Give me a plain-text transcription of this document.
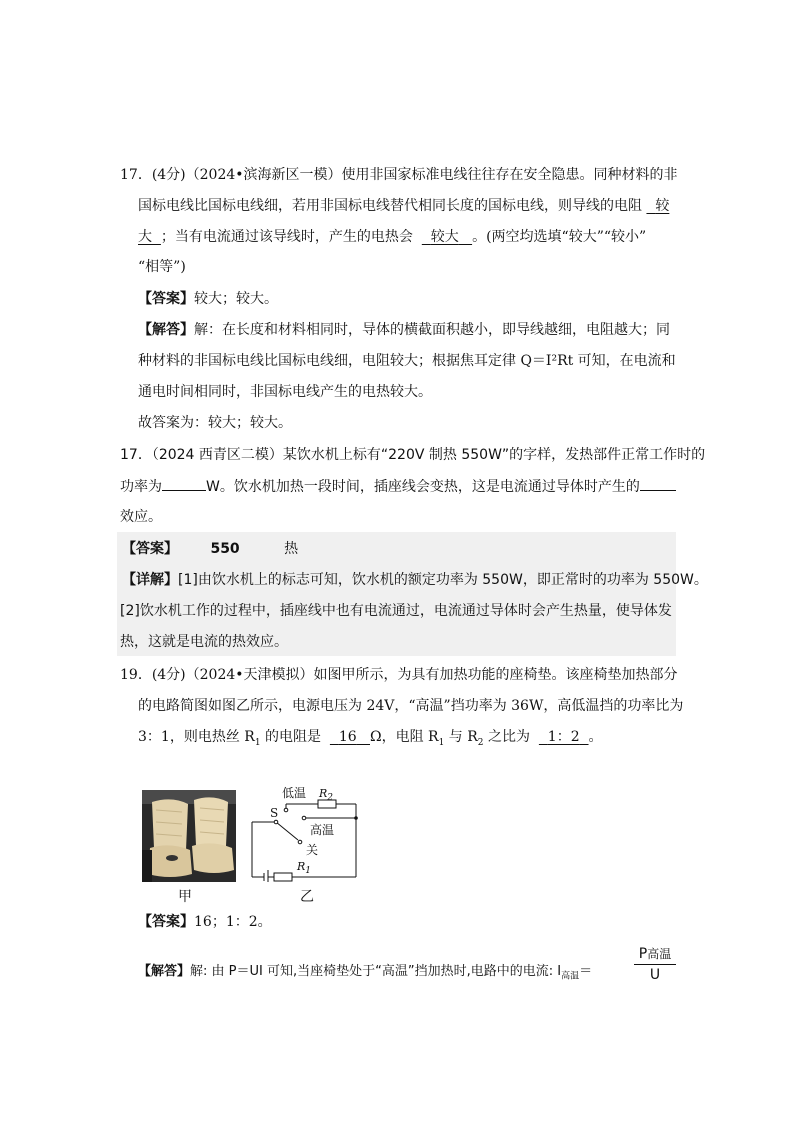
17．(4分)（2024•滨海新区一模）使用非国家标准电线往往存在安全隐患。同种材料的非
国标电线比国标电线细，若用非国标电线替代相同长度的国标电线，则导线的电阻 较
大 ；当有电流通过该导线时，产生的电热会 较大 。(两空均选填“较大”“较小”
“相等”)
【答案】较大；较大。
【解答】解：在长度和材料相同时，导体的横截面积越小，即导线越细，电阻越大；同
种材料的非国标电线比国标电线细，电阻较大；根据焦耳定律 Q＝I²Rt 可知，在电流和
通电时间相同时，非国标电线产生的电热较大。
故答案为：较大；较大。
17．（2024 西青区二模）某饮水机上标有“220V 制热 550W”的字样，发热部件正常工作时的
功率为	W。饮水机加热一段时间，插座线会变热，这是电流通过导体时产生的
效应。
【答案】 550	热
【详解】[1]由饮水机上的标志可知，饮水机的额定功率为 550W，即正常时的功率为 550W。
[2]饮水机工作的过程中，插座线中也有电流通过，电流通过导体时会产生热量，使导体发
热，这就是电流的热效应。
19．(4分)（2024•天津模拟）如图甲所示，为具有加热功能的座椅垫。该座椅垫加热部分
的电路简图如图乙所示，电源电压为 24V，“高温”挡功率为 36W，高低温挡的功率比为
3：1，则电热丝 $R_1$ 的电阻是 16 Ω，电阻 $R_1$ 与 $R_2$ 之比为 1：2 。
甲
低温 $R_2$
S
高温
关
$R_1$
乙
【答案】16；1：2。
【解答】解: 由 P＝UI 可知,当座椅垫处于“高温”挡加热时,电路中的电流: $I_{高温}=$
P高温
U
